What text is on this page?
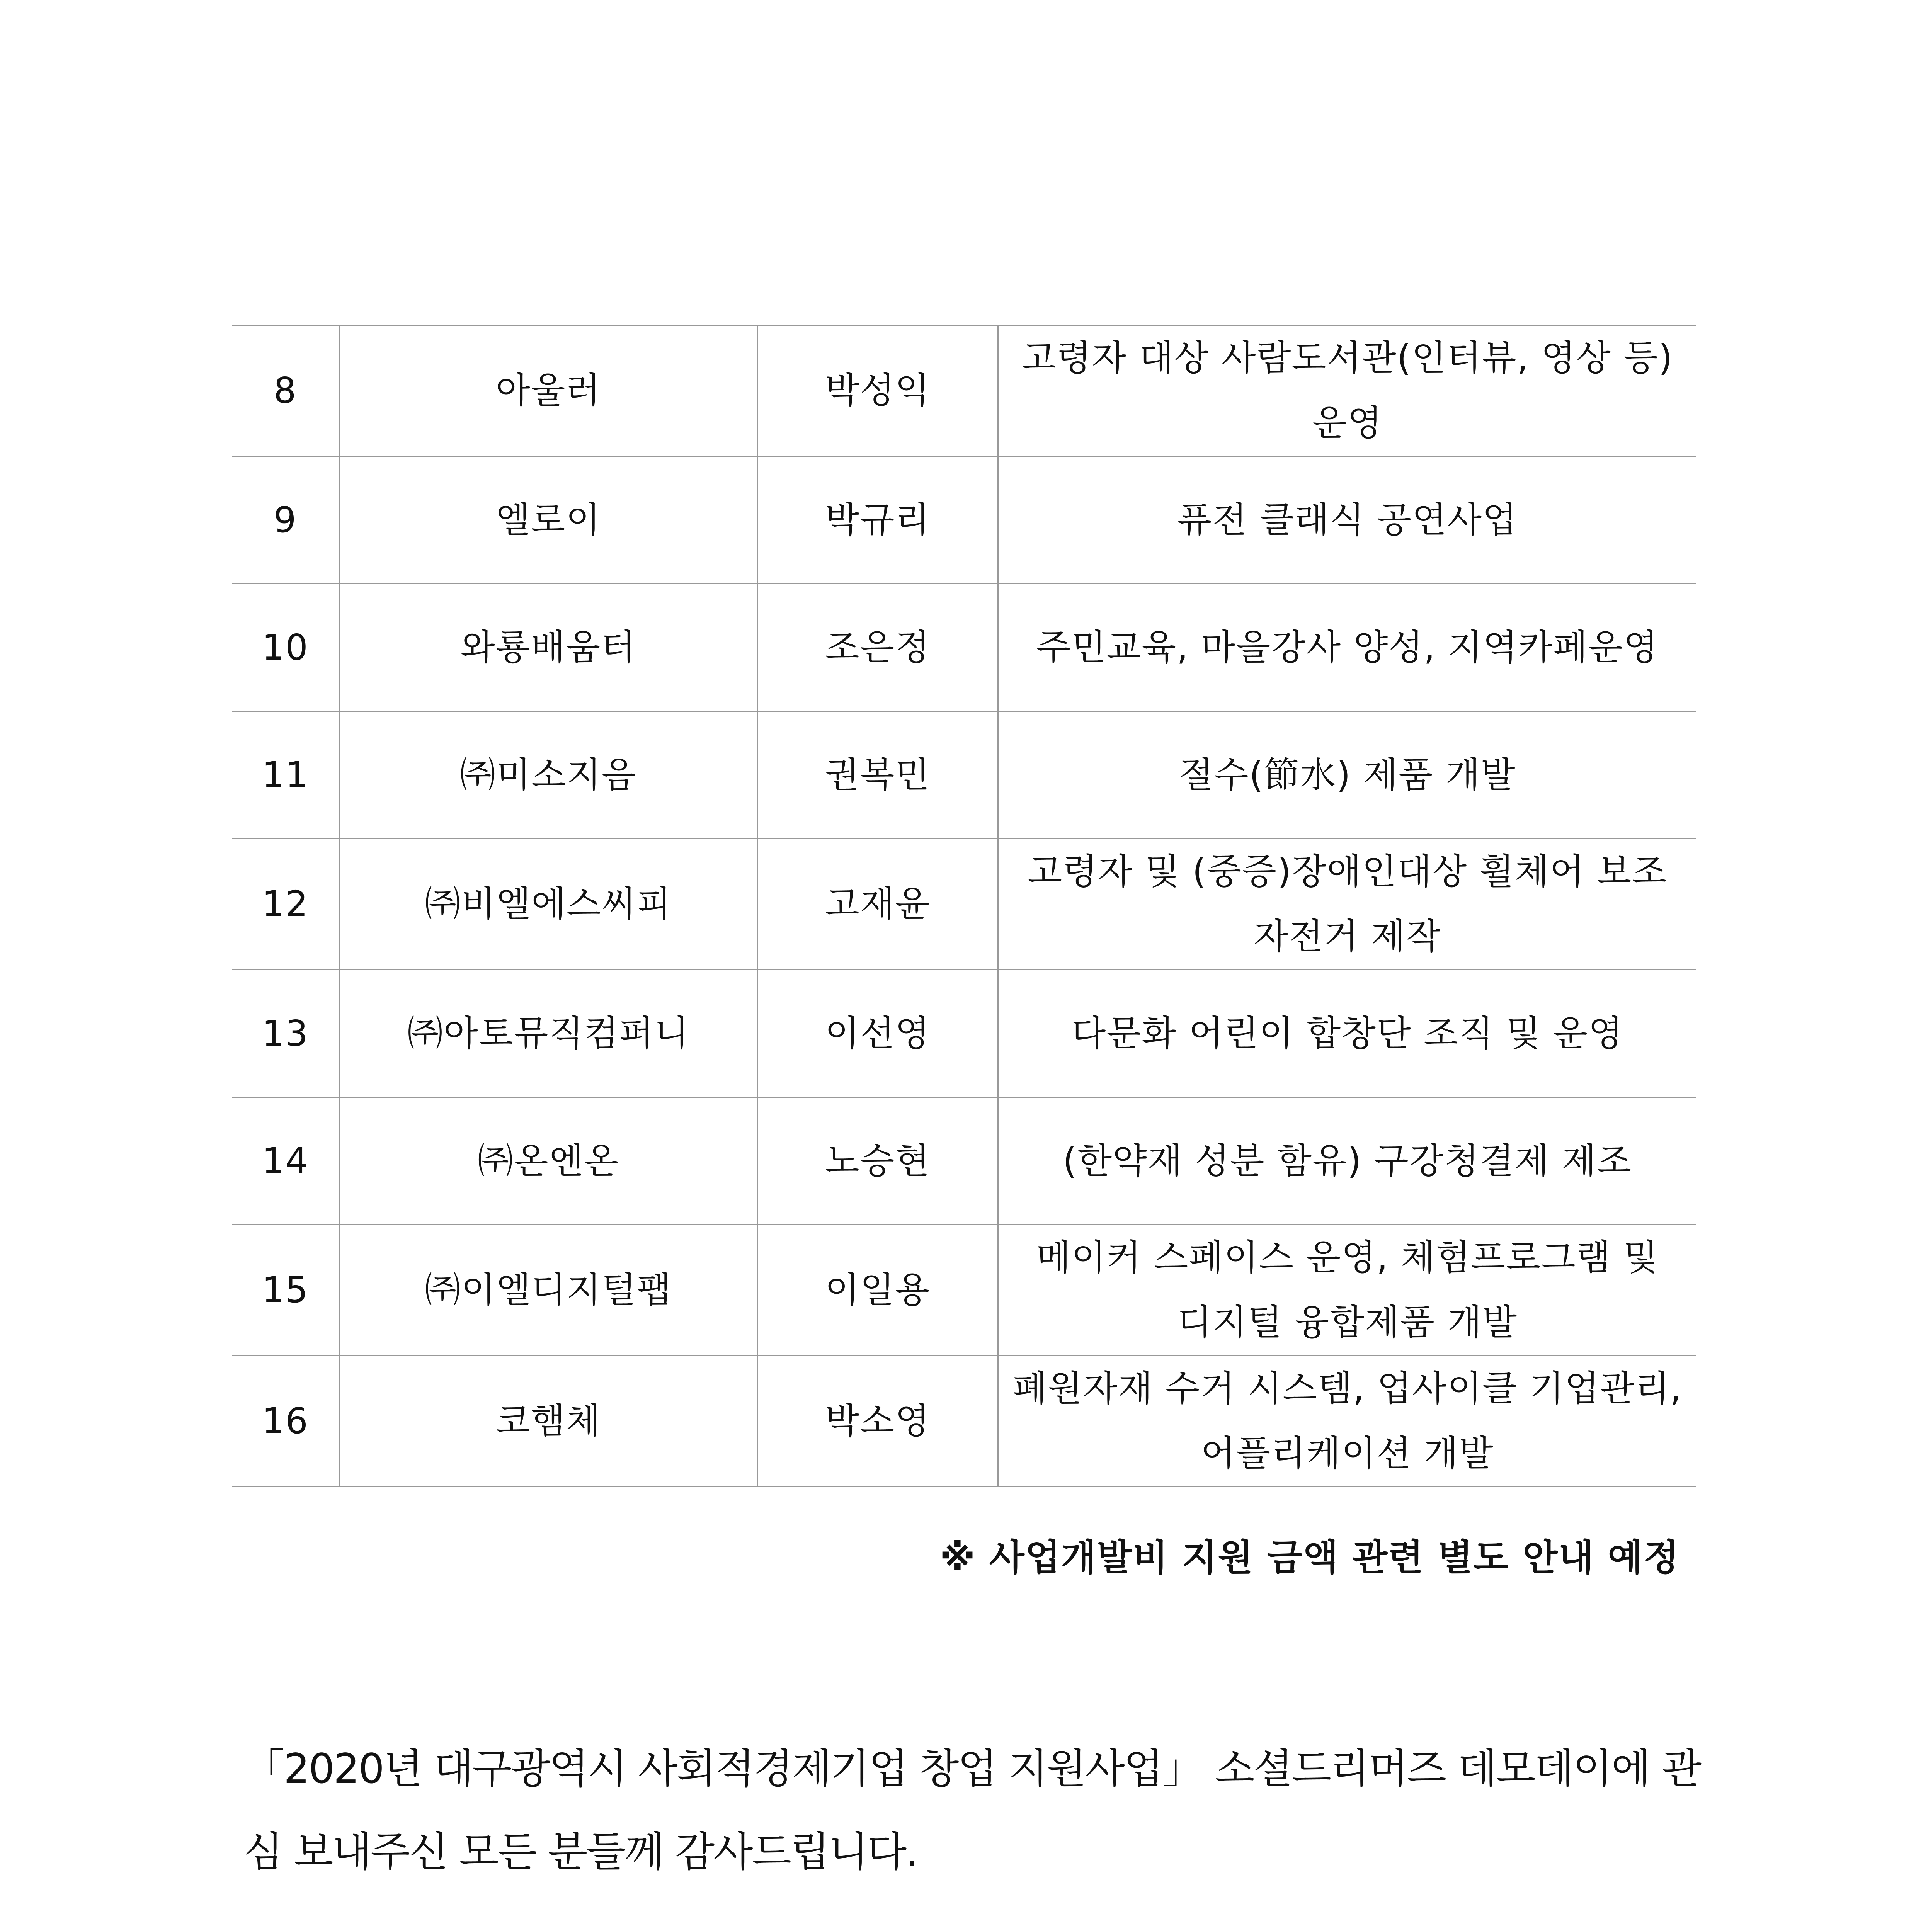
8	아울러	박성익	고령자 대상 사람도서관(인터뷰, 영상 등)
운영

9	엘로이	박규리	퓨전 클래식 공연사업

10	와룡배움터	조은정	주민교육, 마을강사 양성, 지역카페운영

11	㈜미소지음	권복민	절수(節水) 제품 개발

12	㈜비엘에스씨피	고재윤	고령자 및 (중증)장애인대상 휠체어 보조
자전거 제작

13	㈜아토뮤직컴퍼니	이선영	다문화 어린이 합창단 조직 및 운영

14	㈜온엔온	노승현	(한약재 성분 함유) 구강청결제 제조

15	㈜이엘디지털팹	이일용	메이커 스페이스 운영, 체험프로그램 및
디지털 융합제품 개발

16	코햄체	박소영	폐원자재 수거 시스템, 업사이클 기업관리,
어플리케이션 개발
※ 사업개발비 지원 금액 관련 별도 안내 예정
「2020년 대구광역시 사회적경제기업 창업 지원사업」 소셜드리머즈 데모데이에 관심 보내주신 모든 분들께 감사드립니다.
